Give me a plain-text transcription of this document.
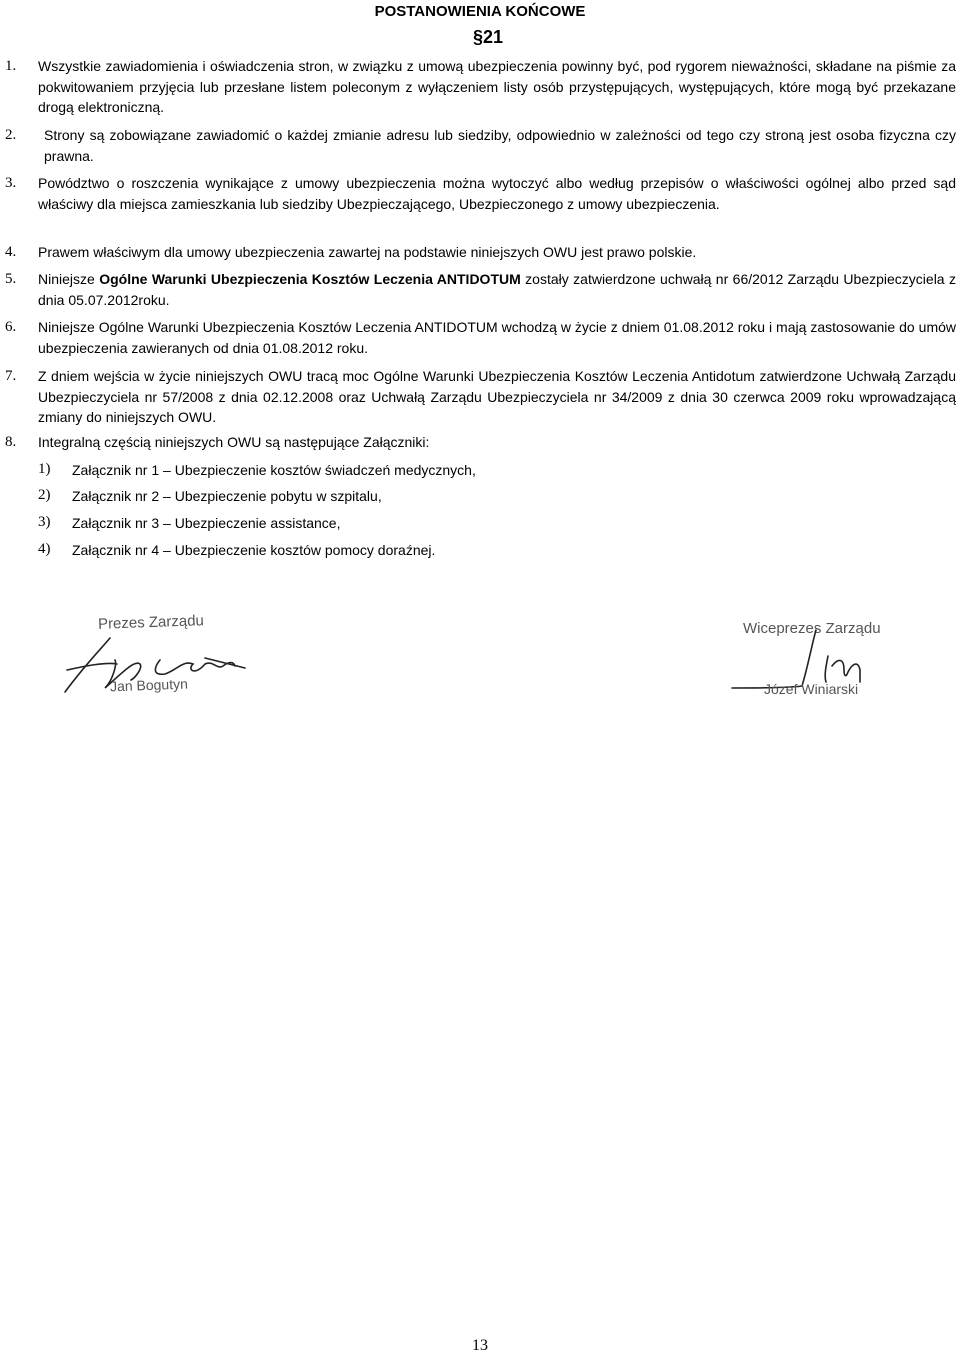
POSTANOWIENIA KOŃCOWE
§21
1. Wszystkie zawiadomienia i oświadczenia stron, w związku z umową ubezpieczenia powinny być, pod rygorem nieważności, składane na piśmie za pokwitowaniem przyjęcia lub przesłane listem poleconym z wyłączeniem listy osób przystępujących, występujących, które mogą być przekazane drogą elektroniczną.
2. Strony są zobowiązane zawiadomić o każdej zmianie adresu lub siedziby, odpowiednio w zależności od tego czy stroną jest osoba fizyczna czy prawna.
3. Powództwo o roszczenia wynikające z umowy ubezpieczenia można wytoczyć albo według przepisów o właściwości ogólnej albo przed sąd właściwy dla miejsca zamieszkania lub siedziby Ubezpieczającego, Ubezpieczonego z umowy ubezpieczenia.
4. Prawem właściwym dla umowy ubezpieczenia zawartej na podstawie niniejszych OWU jest prawo polskie.
5. Niniejsze Ogólne Warunki Ubezpieczenia Kosztów Leczenia ANTIDOTUM zostały zatwierdzone uchwałą nr 66/2012 Zarządu Ubezpieczyciela z dnia 05.07.2012roku.
6. Niniejsze Ogólne Warunki Ubezpieczenia Kosztów Leczenia ANTIDOTUM wchodzą w życie z dniem 01.08.2012 roku i mają zastosowanie do umów ubezpieczenia zawieranych od dnia 01.08.2012 roku.
7. Z dniem wejścia w życie niniejszych OWU tracą moc Ogólne Warunki Ubezpieczenia Kosztów Leczenia Antidotum zatwierdzone Uchwałą Zarządu Ubezpieczyciela nr 57/2008 z dnia 02.12.2008 oraz Uchwałą Zarządu Ubezpieczyciela nr 34/2009 z dnia 30 czerwca 2009 roku wprowadzającą zmiany do niniejszych OWU.
8. Integralną częścią niniejszych OWU są następujące Załączniki:
1) Załącznik nr 1 – Ubezpieczenie kosztów świadczeń medycznych,
2) Załącznik nr 2 – Ubezpieczenie pobytu w szpitalu,
3) Załącznik nr 3 – Ubezpieczenie assistance,
4) Załącznik nr 4 – Ubezpieczenie kosztów pomocy doraźnej.
Prezes Zarządu
Jan Bogutyn
Wiceprezes Zarządu
Józef Winiarski
13
